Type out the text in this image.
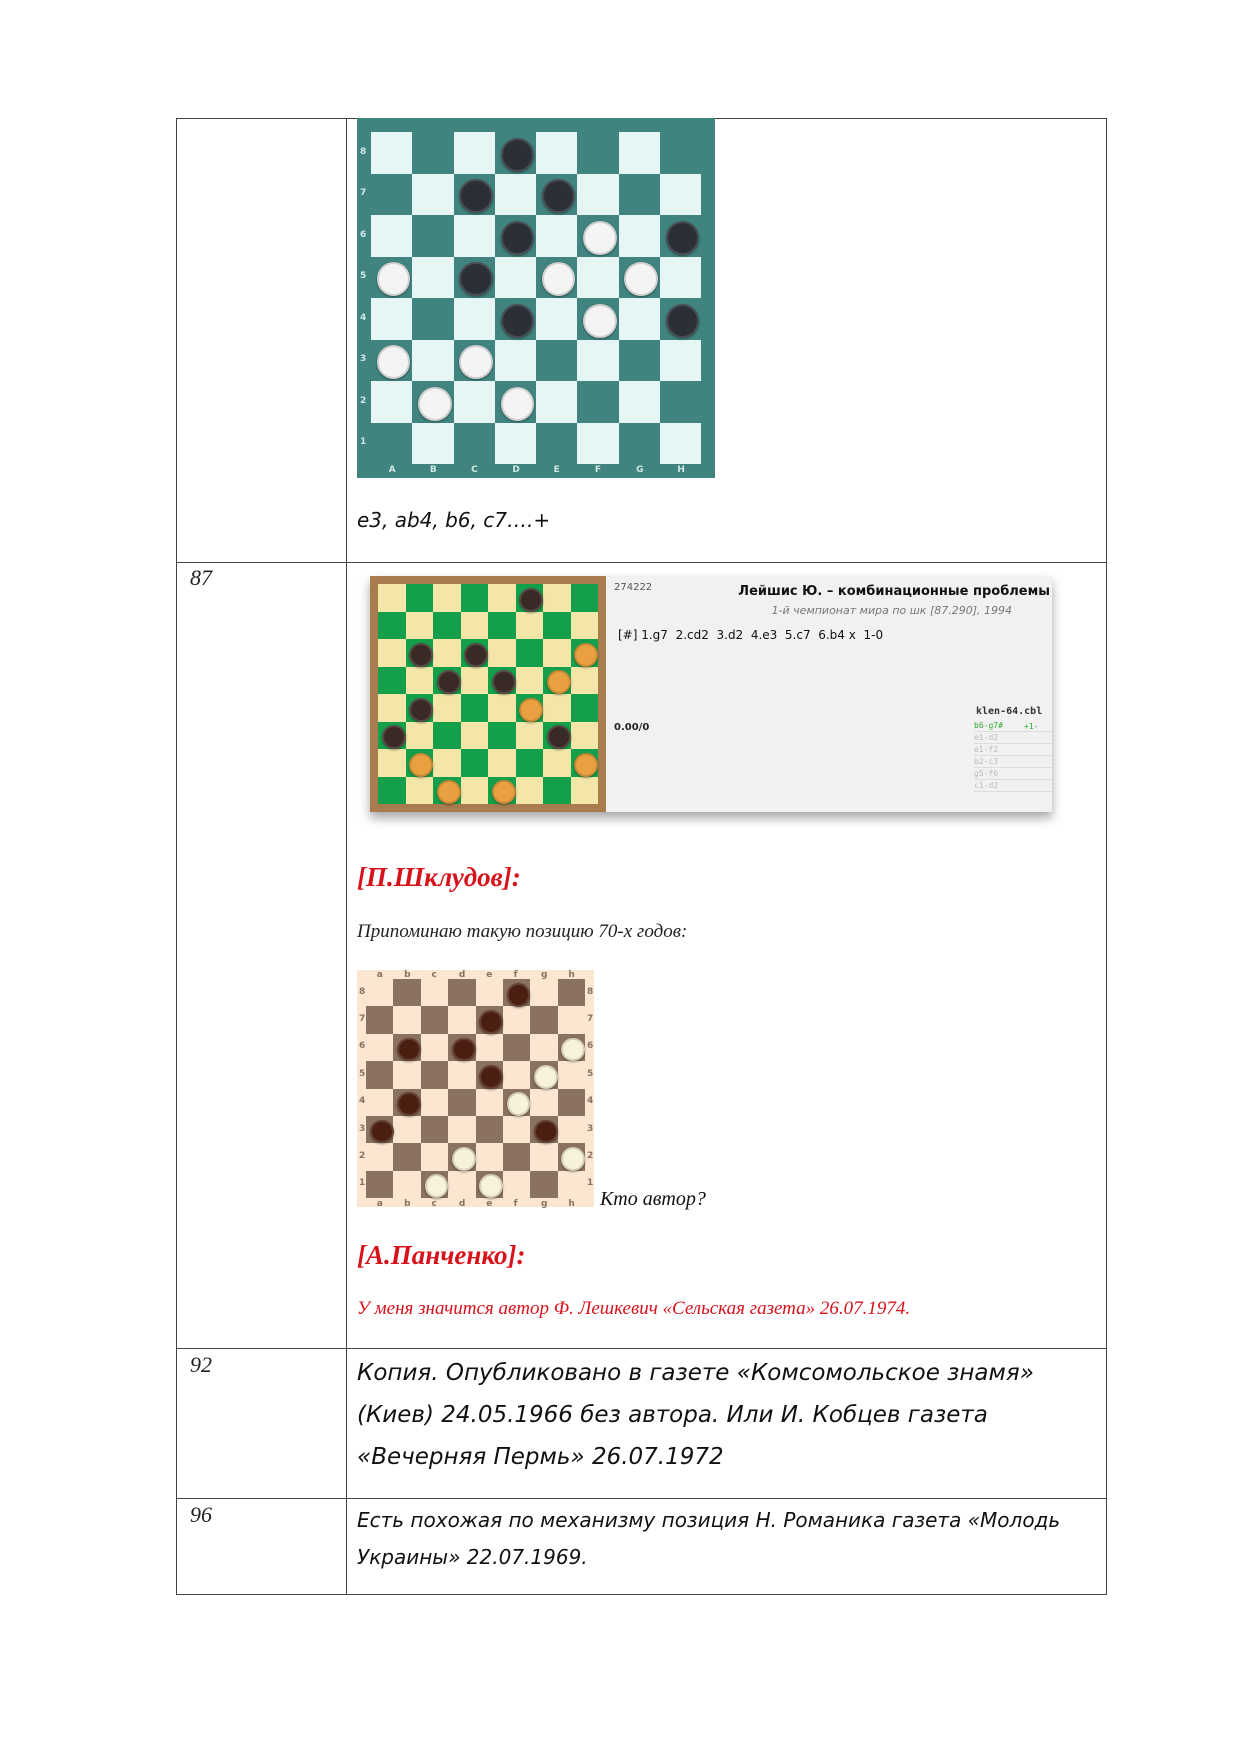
A	B	C	D	E	F	G	H
8
7
6
5
4
3
2
1
e3, ab4, b6, c7….+
87	274222	Лейшис Ю. – комбинационные проблемы
1-й чемпионат мира по шк [87.290], 1994
[#] 1.g7  2.cd2  3.d2  4.e3  5.c7  6.b4 x  1-0
0.00/0
klen-64.cbl
b6-g7#
e1-d2
e1-f2
b2-c3
g5-f6
c1-d2
+1-
[П.Шклудов]:
Припоминаю такую позицию 70-х годов:
a
a
b
b
c
c
d
d
e
e
f
f
g
g
h
h
8	8
7	7
6	6
5	5
4	4
3	3
2	2
1	1
Кто автор?
[А.Панченко]:
У меня значится автор Ф. Лешкевич «Сельская газета» 26.07.1974.
92	Копия. Опубликовано в газете «Комсомольское знамя»
(Киев) 24.05.1966 без автора. Или И. Кобцев газета
«Вечерняя Пермь» 26.07.1972
96	Есть похожая по механизму позиция Н. Романика газета «Молодь
Украины» 22.07.1969.
